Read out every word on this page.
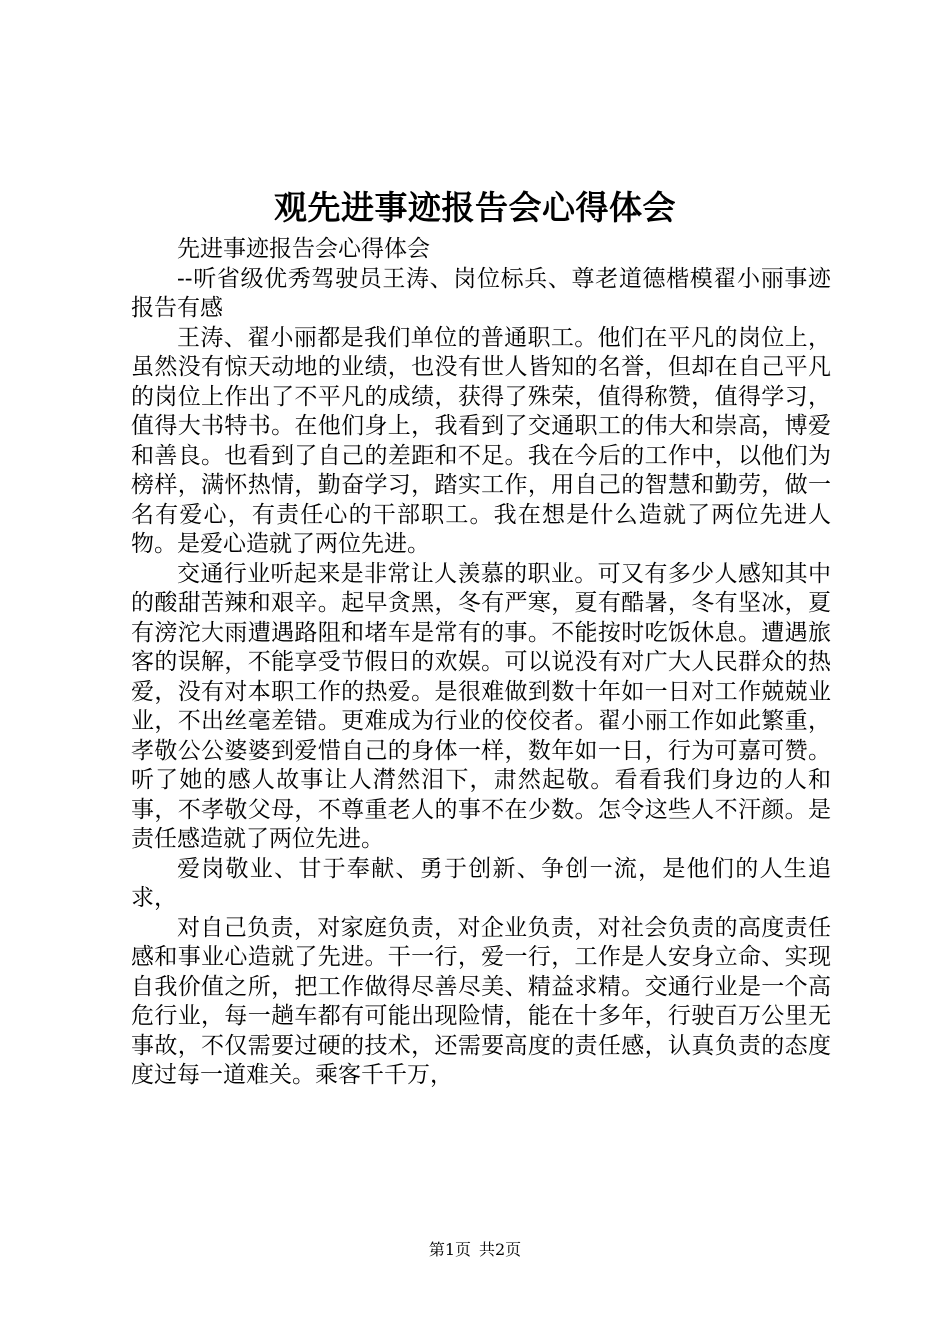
观先进事迹报告会心得体会

先进事迹报告会心得体会

--听省级优秀驾驶员王涛、岗位标兵、尊老道德楷模翟小丽事迹报告有感

王涛、翟小丽都是我们单位的普通职工。他们在平凡的岗位上，虽然没有惊天动地的业绩，也没有世人皆知的名誉，但却在自己平凡的岗位上作出了不平凡的成绩，获得了殊荣，值得称赞，值得学习，值得大书特书。在他们身上，我看到了交通职工的伟大和崇高，博爱和善良。也看到了自己的差距和不足。我在今后的工作中，以他们为榜样，满怀热情，勤奋学习，踏实工作，用自己的智慧和勤劳，做一名有爱心，有责任心的干部职工。我在想是什么造就了两位先进人物。是爱心造就了两位先进。

交通行业听起来是非常让人羡慕的职业。可又有多少人感知其中的酸甜苦辣和艰辛。起早贪黑，冬有严寒，夏有酷暑，冬有坚冰，夏有滂沱大雨遭遇路阻和堵车是常有的事。不能按时吃饭休息。遭遇旅客的误解，不能享受节假日的欢娱。可以说没有对广大人民群众的热爱，没有对本职工作的热爱。是很难做到数十年如一日对工作兢兢业业，不出丝毫差错。更难成为行业的佼佼者。翟小丽工作如此繁重，孝敬公公婆婆到爱惜自己的身体一样，数年如一日，行为可嘉可赞。听了她的感人故事让人潸然泪下，肃然起敬。看看我们身边的人和事，不孝敬父母，不尊重老人的事不在少数。怎令这些人不汗颜。是责任感造就了两位先进。

爱岗敬业、甘于奉献、勇于创新、争创一流，是他们的人生追求，

对自己负责，对家庭负责，对企业负责，对社会负责的高度责任感和事业心造就了先进。干一行，爱一行，工作是人安身立命、实现自我价值之所，把工作做得尽善尽美、精益求精。交通行业是一个高危行业，每一趟车都有可能出现险情，能在十多年，行驶百万公里无事故，不仅需要过硬的技术，还需要高度的责任感，认真负责的态度度过每一道难关。乘客千千万，

第1页 共2页
